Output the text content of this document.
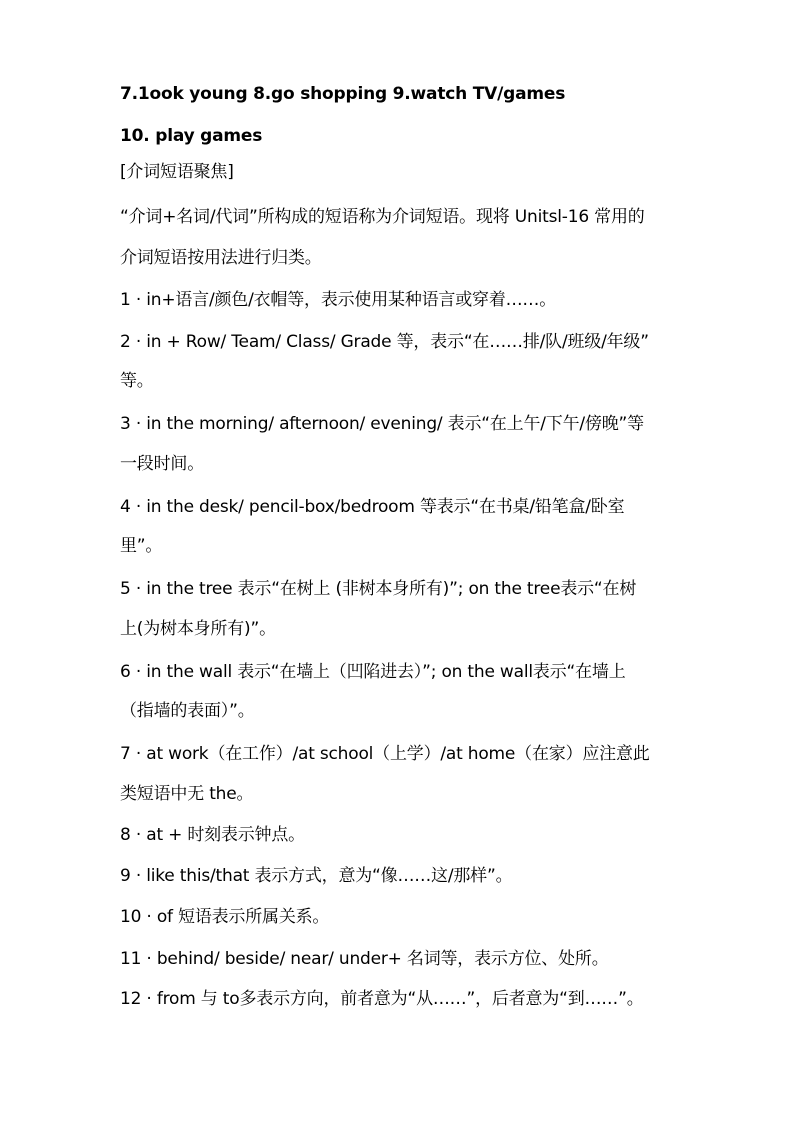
7.1ook young 8.go shopping 9.watch TV/games
10. play games
[介词短语聚焦]
“介词+名词/代词”所构成的短语称为介词短语。现将 Unitsl-16 常用的
介词短语按用法进行归类。
1 · in+语言/颜色/衣帽等，表示使用某种语言或穿着……。
2 · in + Row/ Team/ Class/ Grade 等，表示“在……排/队/班级/年级”
等。
3 · in the morning/ afternoon/ evening/ 表示“在上午/下午/傍晚”等
一段时间。
4 · in the desk/ pencil-box/bedroom 等表示“在书桌/铅笔盒/卧室
里”。
5 · in the tree 表示“在树上 (非树本身所有)”; on the tree表示“在树
上(为树本身所有)”。
6 · in the wall 表示“在墙上（凹陷进去）”; on the wall表示“在墙上
（指墙的表面）”。
7 · at work（在工作）/at school（上学）/at home（在家）应注意此
类短语中无 the。
8 · at + 时刻表示钟点。
9 · like this/that 表示方式，意为“像……这/那样”。
10 · of 短语表示所属关系。
11 · behind/ beside/ near/ under+ 名词等，表示方位、处所。
12 · from 与 to多表示方向，前者意为“从……”，后者意为“到……”。
